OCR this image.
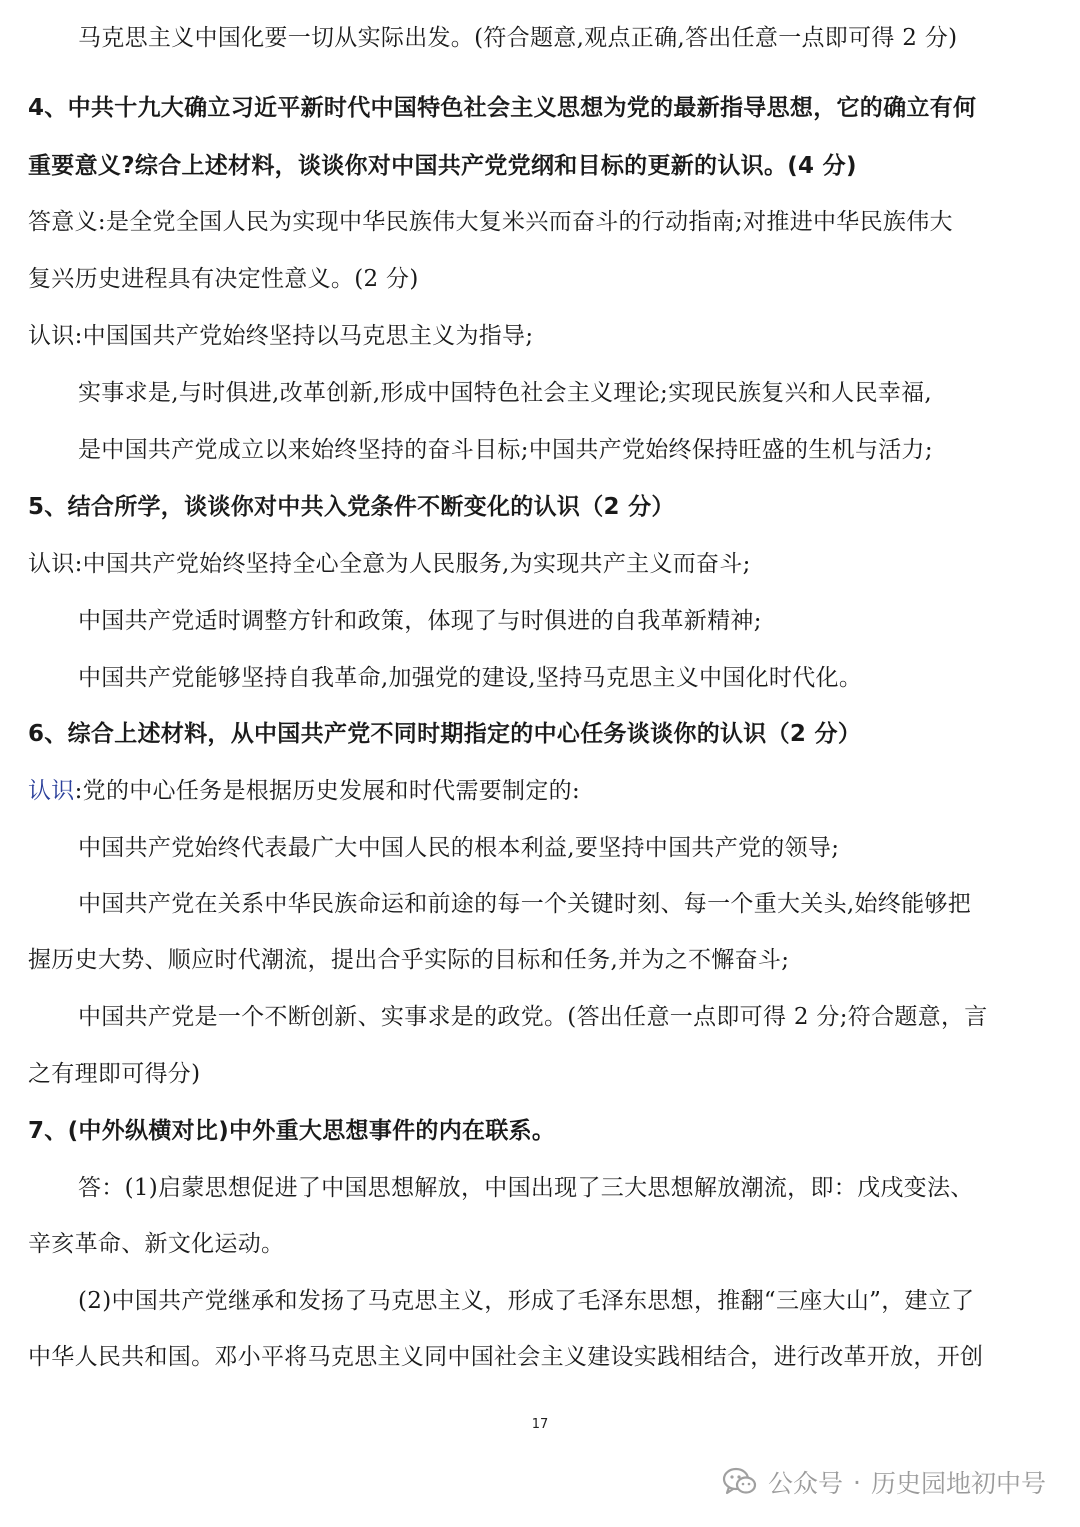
马克思主义中国化要一切从实际出发。(符合题意,观点正确,答出任意一点即可得 2 分)
4、中共十九大确立习近平新时代中国特色社会主义思想为党的最新指导思想，它的确立有何
重要意义?综合上述材料，谈谈你对中国共产党党纲和目标的更新的认识。(4 分)
答意义:是全党全国人民为实现中华民族伟大复米兴而奋斗的行动指南;对推进中华民族伟大
复兴历史进程具有决定性意义。(2 分)
认识:中国国共产党始终坚持以马克思主义为指导;
实事求是,与时俱进,改革创新,形成中国特色社会主义理论;实现民族复兴和人民幸福,
是中国共产党成立以来始终坚持的奋斗目标;中国共产党始终保持旺盛的生机与活力;
5、结合所学，谈谈你对中共入党条件不断变化的认识（2 分）
认识:中国共产党始终坚持全心全意为人民服务,为实现共产主义而奋斗;
中国共产党适时调整方针和政策，体现了与时俱进的自我革新精神;
中国共产党能够坚持自我革命,加强党的建设,坚持马克思主义中国化时代化。
6、综合上述材料，从中国共产党不同时期指定的中心任务谈谈你的认识（2 分）
认识:党的中心任务是根据历史发展和时代需要制定的:
中国共产党始终代表最广大中国人民的根本利益,要坚持中国共产党的领导;
中国共产党在关系中华民族命运和前途的每一个关键时刻、每一个重大关头,始终能够把
握历史大势、顺应时代潮流，提出合乎实际的目标和任务,并为之不懈奋斗;
中国共产党是一个不断创新、实事求是的政党。(答出任意一点即可得 2 分;符合题意，言
之有理即可得分)
7、(中外纵横对比)中外重大思想事件的内在联系。
答：(1)启蒙思想促进了中国思想解放，中国出现了三大思想解放潮流，即：戊戌变法、
辛亥革命、新文化运动。
(2)中国共产党继承和发扬了马克思主义，形成了毛泽东思想，推翻“三座大山”，建立了
中华人民共和国。邓小平将马克思主义同中国社会主义建设实践相结合，进行改革开放，开创
17
公众号 · 历史园地初中号
